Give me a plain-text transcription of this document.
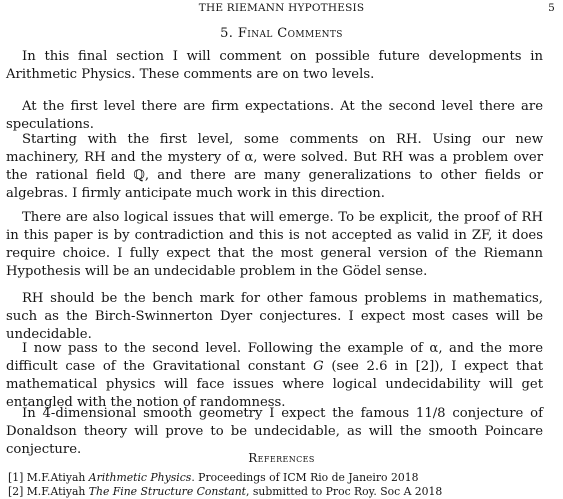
THE RIEMANN HYPOTHESIS	5
5. Final Comments

In this final section I will comment on possible future developments in Arithmetic Physics. These comments are on two levels.

At the first level there are firm expectations. At the second level there are speculations.

Starting with the first level, some comments on RH. Using our new machinery, RH and the mystery of α, were solved. But RH was a problem over the rational field ℚ, and there are many generalizations to other fields or algebras. I firmly anticipate much work in this direction.

There are also logical issues that will emerge. To be explicit, the proof of RH in this paper is by contradiction and this is not accepted as valid in ZF, it does require choice. I fully expect that the most general version of the Riemann Hypothesis will be an undecidable problem in the Gödel sense.

RH should be the bench mark for other famous problems in mathematics, such as the Birch-Swinnerton Dyer conjectures. I expect most cases will be undecidable.

I now pass to the second level. Following the example of α, and the more difficult case of the Gravitational constant G (see 2.6 in [2]), I expect that mathematical physics will face issues where logical undecidability will get entangled with the notion of randomness.

In 4-dimensional smooth geometry I expect the famous 11/8 conjecture of Donaldson theory will prove to be undecidable, as will the smooth Poincare conjecture.

References
[1] M.F.Atiyah Arithmetic Physics. Proceedings of ICM Rio de Janeiro 2018
[2] M.F.Atiyah The Fine Structure Constant, submitted to Proc Roy. Soc A 2018
